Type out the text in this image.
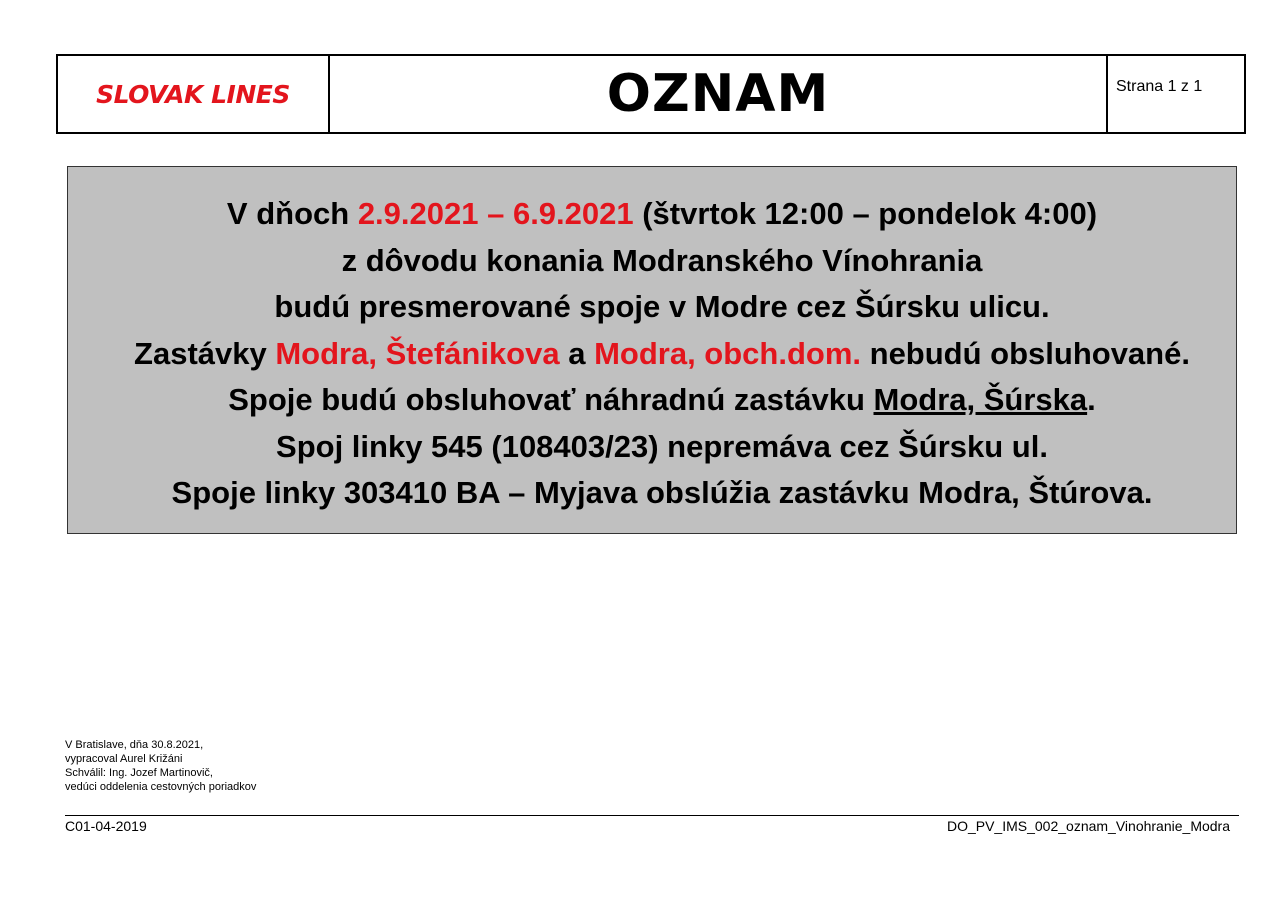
SLOVAK LINES	OZNAM	Strana 1 z 1
V dňoch 2.9.2021 – 6.9.2021 (štvrtok 12:00 – pondelok 4:00)
z dôvodu konania Modranského Vínohrania
budú presmerované spoje v Modre cez Šúrsku ulicu.
Zastávky Modra, Štefánikova a Modra, obch.dom. nebudú obsluhované.
Spoje budú obsluhovať náhradnú zastávku Modra, Šúrska.
Spoj linky 545 (108403/23) nepremáva cez Šúrsku ul.
Spoje linky 303410 BA – Myjava obslúžia zastávku Modra, Štúrova.
V Bratislave, dňa 30.8.2021,
vypracoval Aurel Križáni
Schválil: Ing. Jozef Martinovič,
vedúci oddelenia cestovných poriadkov
C01-04-2019	DO_PV_IMS_002_oznam_Vinohranie_Modra
